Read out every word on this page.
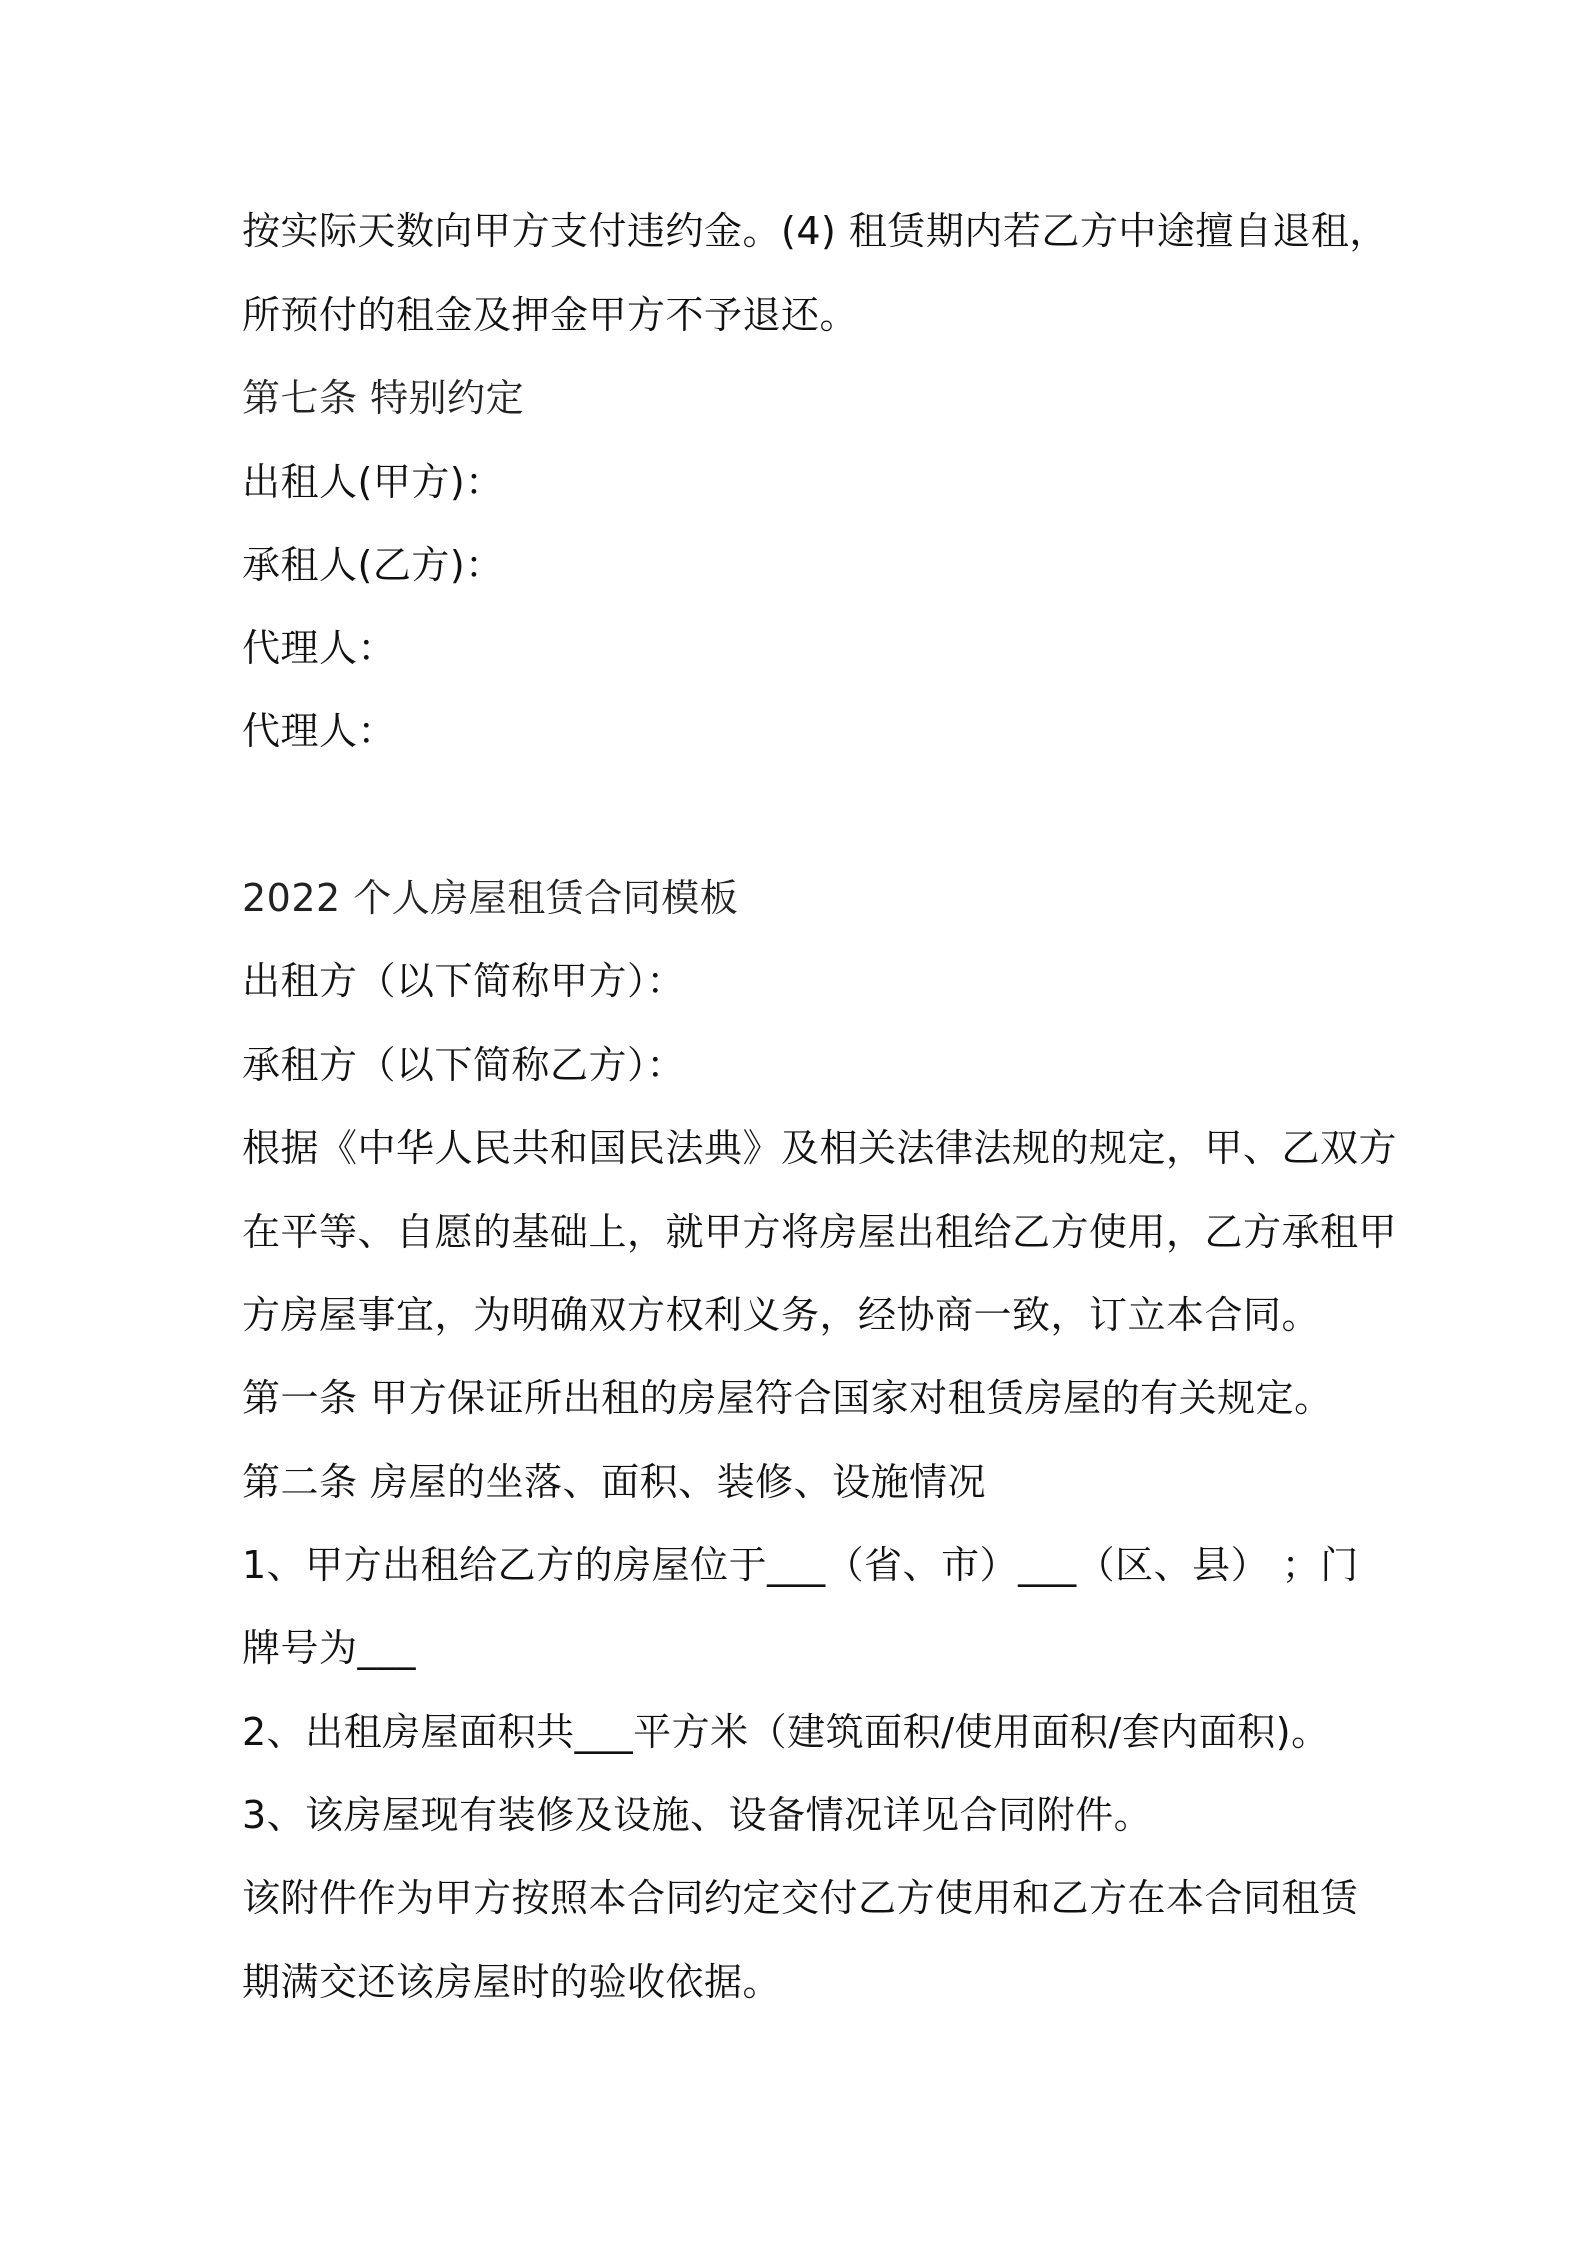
按实际天数向甲方支付违约金。(4) 租赁期内若乙方中途擅自退租，
所预付的租金及押金甲方不予退还。
第七条 特别约定
出租人(甲方)：
承租人(乙方)：
代理人：
代理人：
2022 个人房屋租赁合同模板
出租方（以下简称甲方）：
承租方（以下简称乙方）：
根据《中华人民共和国民法典》及相关法律法规的规定，甲、乙双方
在平等、自愿的基础上，就甲方将房屋出租给乙方使用，乙方承租甲
方房屋事宜，为明确双方权利义务，经协商一致，订立本合同。
第一条 甲方保证所出租的房屋符合国家对租赁房屋的有关规定。
第二条 房屋的坐落、面积、装修、设施情况
1、甲方出租给乙方的房屋位于___（省、市）___（区、县） ；门
牌号为___
2、出租房屋面积共___平方米（建筑面积/使用面积/套内面积)。
3、该房屋现有装修及设施、设备情况详见合同附件。
该附件作为甲方按照本合同约定交付乙方使用和乙方在本合同租赁
期满交还该房屋时的验收依据。
